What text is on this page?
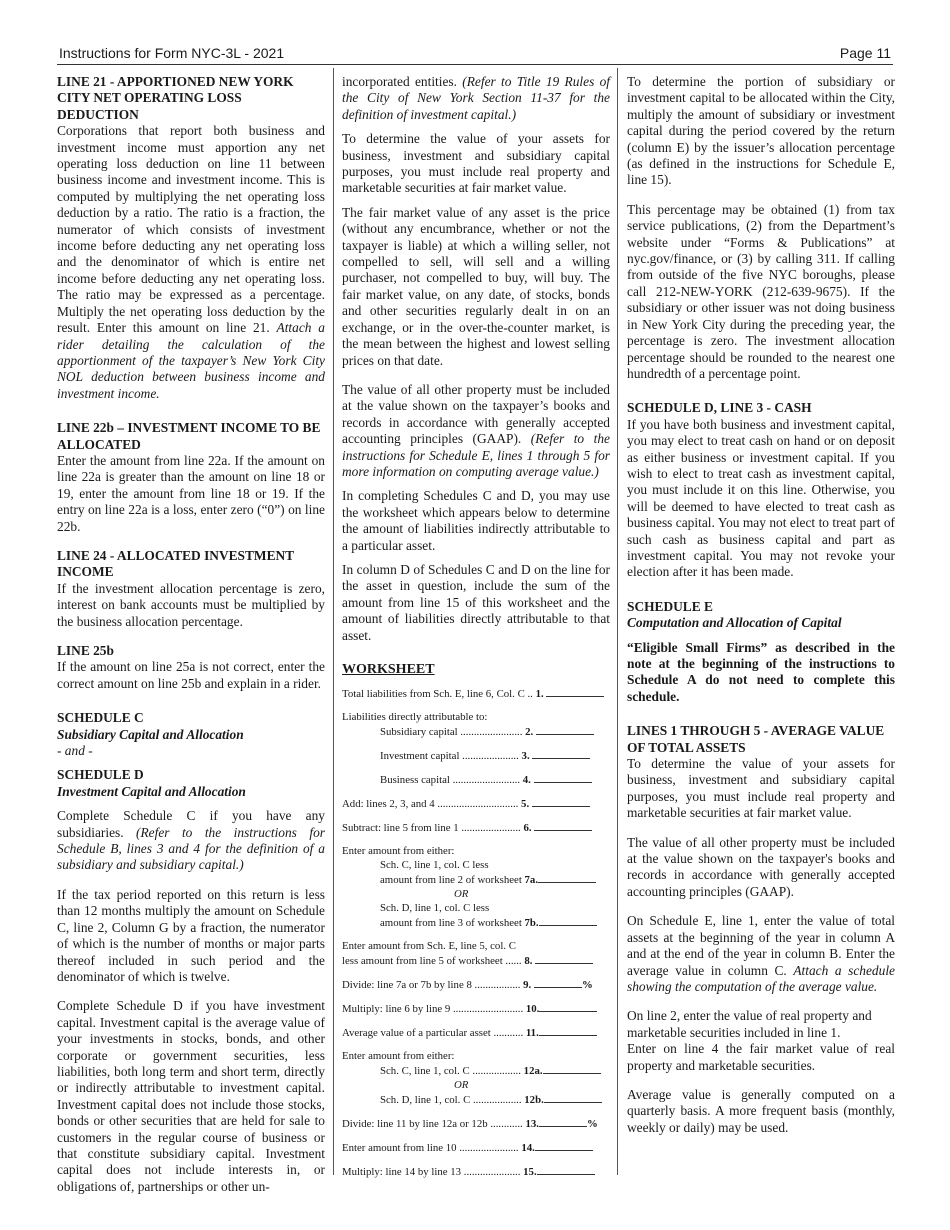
Instructions for Form NYC-3L - 2021	Page 11

LINE 21 - APPORTIONED NEW YORK CITY NET OPERATING LOSS DEDUCTION

Corporations that report both business and investment income must apportion any net operating loss deduction on line 11 between business income and investment income. This is computed by multiplying the net operating loss deduction by a ratio. The ratio is a fraction, the numerator of which consists of investment income before deducting any net operating loss and the denominator of which is entire net income before deducting any net operating loss. The ratio may be expressed as a percentage. Multiply the net operating loss deduction by the result. Enter this amount on line 21. Attach a rider detailing the calculation of the apportionment of the taxpayer’s New York City NOL deduction between business income and investment income.

LINE 22b – INVESTMENT INCOME TO BE ALLOCATED

Enter the amount from line 22a. If the amount on line 22a is greater than the amount on line 18 or 19, enter the amount from line 18 or 19. If the entry on line 22a is a loss, enter zero (“0”) on line 22b.

LINE 24 - ALLOCATED INVESTMENT INCOME

If the investment allocation percentage is zero, interest on bank accounts must be multiplied by the business allocation percentage.

LINE 25b

If the amount on line 25a is not correct, enter the correct amount on line 25b and explain in a rider.

SCHEDULE C

Subsidiary Capital and Allocation

- and -

SCHEDULE D

Investment Capital and Allocation

Complete Schedule C if you have any subsidiaries. (Refer to the instructions for Schedule B, lines 3 and 4 for the definition of a subsidiary and subsidiary capital.)

If the tax period reported on this return is less than 12 months multiply the amount on Schedule C, line 2, Column G by a fraction, the numerator of which is the number of months or major parts thereof included in such period and the denominator of which is twelve.

Complete Schedule D if you have investment capital. Investment capital is the average value of your investments in stocks, bonds, and other corporate or government securities, less liabilities, both long term and short term, directly or indirectly attributable to investment capital. Investment capital does not include those stocks, bonds or other securities that are held for sale to customers in the regular course of business or that constitute subsidiary capital. Investment capital does not include interests in, or obligations of, partnerships or other un-

incorporated entities. (Refer to Title 19 Rules of the City of New York Section 11-37 for the definition of investment capital.)

To determine the value of your assets for business, investment and subsidiary capital purposes, you must include real property and marketable securities at fair market value.

The fair market value of any asset is the price (without any encumbrance, whether or not the taxpayer is liable) at which a willing seller, not compelled to sell, will sell and a willing purchaser, not compelled to buy, will buy. The fair market value, on any date, of stocks, bonds and other securities regularly dealt in on an exchange, or in the over-the-counter market, is the mean between the highest and lowest selling prices on that date.

The value of all other property must be included at the value shown on the taxpayer’s books and records in accordance with generally accepted accounting principles (GAAP). (Refer to the instructions for Schedule E, lines 1 through 5 for more information on computing average value.)

In completing Schedules C and D, you may use the worksheet which appears below to determine the amount of liabilities indirectly attributable to a particular asset.

In column D of Schedules C and D on the line for the asset in question, include the sum of the amount from line 15 of this worksheet and the amount of liabilities directly attributable to that asset.

WORKSHEET

Total liabilities from Sch. E, line 6, Col. C .. 1.
Liabilities directly attributable to:
Subsidiary capital ....................... 2.
Investment capital ..................... 3.
Business capital ......................... 4.
Add: lines 2, 3, and 4 .............................. 5.
Subtract: line 5 from line 1 ...................... 6.
Enter amount from either:
Sch. C, line 1, col. C less
amount from line 2 of worksheet 7a.
OR
Sch. D, line 1, col. C less
amount from line 3 of worksheet 7b.
Enter amount from Sch. E, line 5, col. C
less amount from line 5 of worksheet ...... 8.
Divide: line 7a or 7b by line 8 ................. 9.	%
Multiply: line 6 by line 9 .......................... 10.
Average value of a particular asset ........... 11.
Enter amount from either:
Sch. C, line 1, col. C .................. 12a.
OR
Sch. D, line 1, col. C .................. 12b.
Divide: line 11 by line 12a or 12b ............ 13.	%
Enter amount from line 10 ...................... 14.
Multiply: line 14 by line 13 ..................... 15.

To determine the portion of subsidiary or investment capital to be allocated within the City, multiply the amount of subsidiary or investment capital during the period covered by the return (column E) by the issuer’s allocation percentage (as defined in the instructions for Schedule E, line 15).

This percentage may be obtained (1) from tax service publications, (2) from the Department’s website under “Forms & Publications” at nyc.gov/finance, or (3) by calling 311. If calling from outside of the five NYC boroughs, please call 212-NEW-YORK (212-639-9675). If the subsidiary or other issuer was not doing business in New York City during the preceding year, the percentage is zero. The investment allocation percentage should be rounded to the nearest one hundredth of a percentage point.

SCHEDULE D, LINE 3 - CASH

If you have both business and investment capital, you may elect to treat cash on hand or on deposit as either business or investment capital. If you wish to elect to treat cash as investment capital, you must include it on this line. Otherwise, you will be deemed to have elected to treat cash as business capital. You may not elect to treat part of such cash as business capital and part as investment capital. You may not revoke your election after it has been made.

SCHEDULE E

Computation and Allocation of Capital

“Eligible Small Firms” as described in the note at the beginning of the instructions to Schedule A do not need to complete this schedule.

LINES 1 THROUGH 5 - AVERAGE VALUE OF TOTAL ASSETS

To determine the value of your assets for business, investment and subsidiary capital purposes, you must include real property and marketable securities at fair market value.

The value of all other property must be included at the value shown on the taxpayer's books and records in accordance with generally accepted accounting principles (GAAP).

On Schedule E, line 1, enter the value of total assets at the beginning of the year in column A and at the end of the year in column B. Enter the average value in column C. Attach a schedule showing the computation of the average value.

On line 2, enter the value of real property and marketable securities included in line 1.

Enter on line 4 the fair market value of real property and marketable securities.

Average value is generally computed on a quarterly basis. A more frequent basis (monthly, weekly or daily) may be used.
